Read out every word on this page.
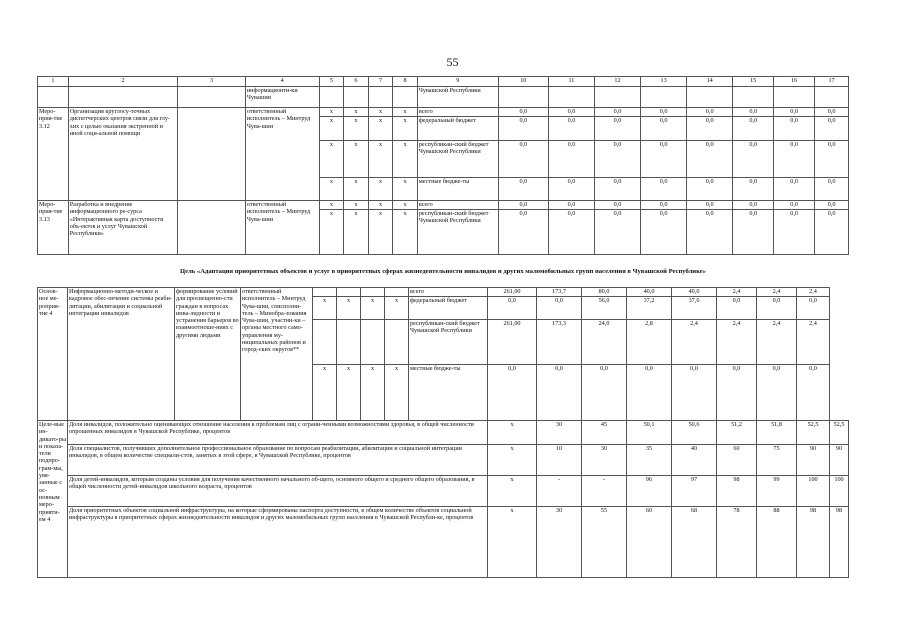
55
1	2	3	4	5	6	7	8	9	10	11	12	13	14	15	16	17
			информационти-ки Чувашии					Чувашской Республики								
Меро-прия-тие 3.12	Организация круглосу-точных диспетчерских центров связи для глу-хих с целью оказания экстренной и иной соци-альной помощи		ответственный исполнитель – Минтруд Чува-шии	x	x	x	x	всего	0,0	0,0	0,0	0,0	0,0	0,0	0,0	0,0
				x	x	x	x	федеральный бюджет	0,0	0,0	0,0	0,0	0,0	0,0	0,0	0,0
				x	x	x	x	республикан-ский бюджет Чувашской Республики	0,0	0,0	0,0	0,0	0,0	0,0	0,0	0,0
				x	x	x	x	местные бюдже-ты	0,0	0,0	0,0	0,0	0,0	0,0	0,0	0,0
Меро-прия-тие 3.13	Разработка и внедрение информационного ре-сурса «Интерактивная карта доступности объ-ектов и услуг Чувашской Республики»		ответственный исполнитель – Минтруд Чува-шии	x	x	x	x	всего	0,0	0,0	0,0	0,0	0,0	0,0	0,0	0,0
				x	x	x	x	республикан-ский бюджет Чувашской Республики	0,0	0,0	0,0	0,0	0,0	0,0	0,0	0,0
Цель «Адаптация приоритетных объектов и услуг в приоритетных сферах жизнедеятельности инвалидов и других маломобильных групп населения в Чувашской Республике»
Основ-ное ме-роприя-тие 4	Информационно-методи-ческое и кадровое обес-печение системы реаби-литации, абилитации и социальной интеграции инвалидов	формирование условий для просвещенно-сти граждан в вопросах инва-лидности и устранения барьеров во взаимоотноше-ниях с другими людьми	ответственный исполнитель – Минтруд Чува-шии, соисполни-тель – Минобра-зования Чува-шии, участни-ки – органы местного само-управления му-ниципальных районов и город-ских округов**					всего	261,00	173,7	80,0	40,0	40,0	2,4	2,4	2,4	
				x	x	x	x	федеральный бюджет	0,0	0,0	56,0	37,2	37,6	0,0	0,0	0,0	
								республикан-ский бюджет Чувашской Республики	261,00	173,3	24,0	2,8	2,4	2,4	2,4	2,4	
				x	x	x	x	местные бюдже-ты	0,0	0,0	0,0	0,0	0,0	0,0	0,0	0,0	
Целе-вые ин-дикато-ры и показа-тели подпро-грам-мы, увя-занные с ос-новным меро-прияти-ем 4	Доля инвалидов, положительно оценивающих отношение населения к проблемам лиц с ограни-ченными возможностями здоровья, в общей численности опрошенных инвалидов в Чувашской Республике, процентов								x	30	45	50,1	50,6	51,2	51,8	52,5	52,5
	Доля специалистов, получивших дополнительное профессиональное образование по вопросам реабилитации, абилитации и социальной интеграции инвалидов, в общем количестве специали-стов, занятых в этой сфере, в Чувашской Республике, процентов								x	10	30	35	40	60	75	90	90
	Доля детей-инвалидов, которым созданы условия для получения качественного начального об-щего, основного общего и среднего общего образования, в общей численности детей-инвалидов школьного возраста, процентов								x	-	-	96	97	98	99	100	100
	Доля приоритетных объектов социальной инфраструктуры, на которые сформированы паспорта доступности, в общем количестве объектов социальной инфраструктуры в приоритетных сферах жизнедеятельности инвалидов и других маломобильных групп населения в Чувашской Республи-ке, процентов								x	30	55	60	68	78	88	98	98
